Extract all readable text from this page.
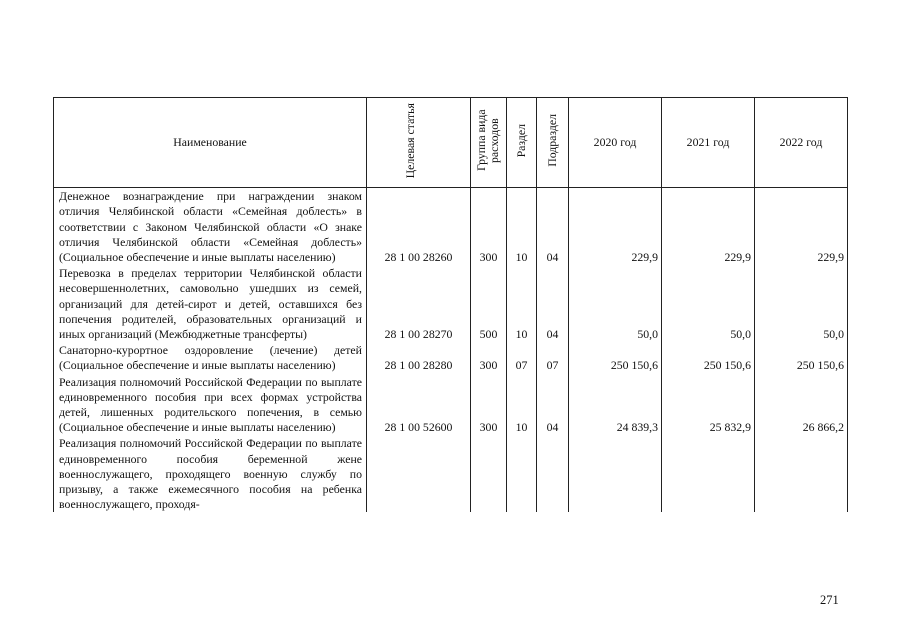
Наименование	Целевая статья	Группа вида расходов	Раздел	Подраздел	2020 год	2021 год	2022 год
Денежное вознаграждение при награждении знаком отличия Челябинской области «Семейная доблесть» в соответствии с Законом Челябинской области «О знаке отличия Челябинской области «Семейная доблесть» (Социальное обеспечение и иные выплаты населению)	28 1 00 28260	300	10	04	229,9	229,9	229,9
Перевозка в пределах территории Челябинской области несовершеннолетних, самовольно ушедших из семей, организаций для детей-сирот и детей, оставшихся без попечения родителей, образовательных организаций и иных организаций (Межбюджетные трансферты)	28 1 00 28270	500	10	04	50,0	50,0	50,0
Санаторно-курортное оздоровление (лечение) детей (Социальное обеспечение и иные выплаты населению)	28 1 00 28280	300	07	07	250 150,6	250 150,6	250 150,6
Реализация полномочий Российской Федерации по выплате единовременного пособия при всех формах устройства детей, лишенных родительского попечения, в семью (Социальное обеспечение и иные выплаты населению)	28 1 00 52600	300	10	04	24 839,3	25 832,9	26 866,2
Реализация полномочий Российской Федерации по выплате единовременного пособия беременной жене военнослужащего, проходящего военную службу по призыву, а также ежемесячного пособия на ребенка военнослужащего, проходя-							
271
